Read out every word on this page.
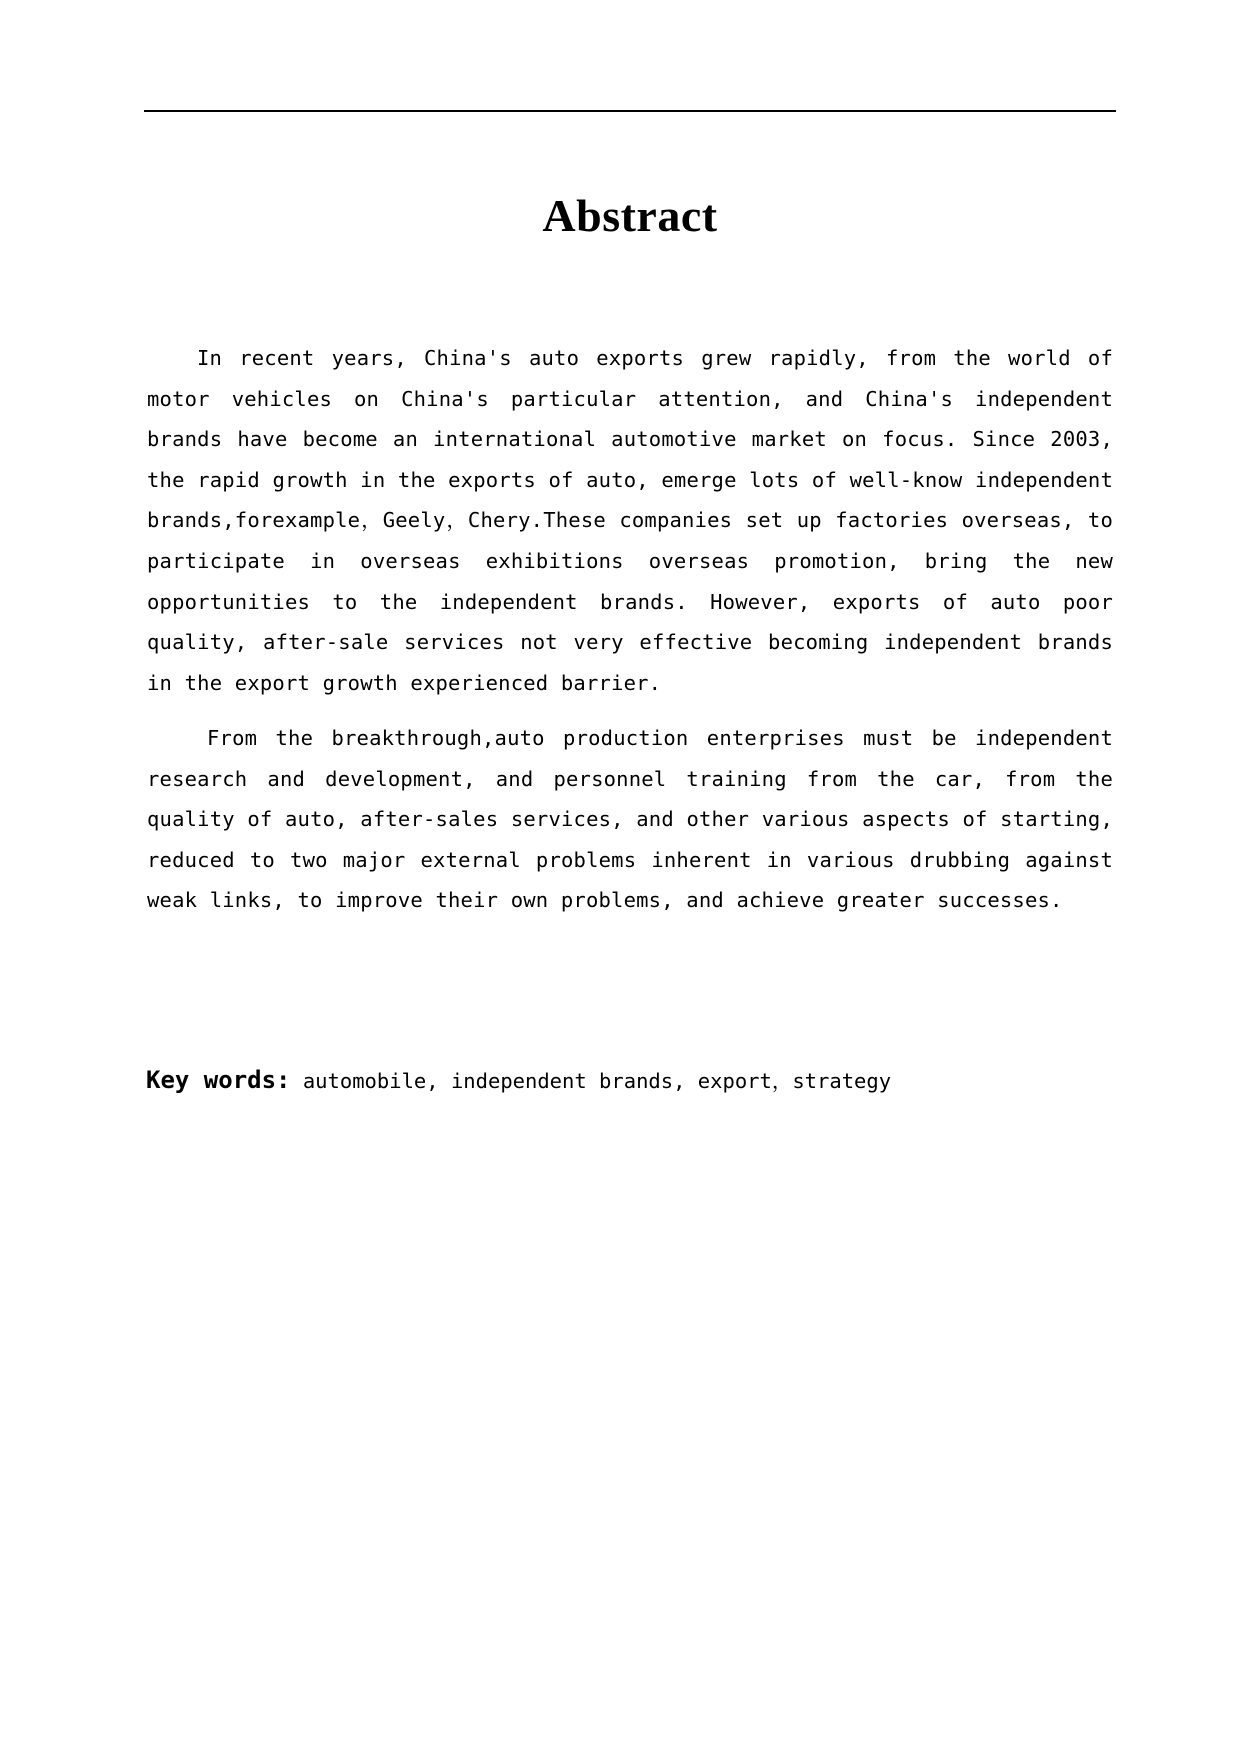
Abstract

In recent years, China's auto exports grew rapidly, from the world of motor vehicles on China's particular attention, and China's independent brands have become an international automotive market on focus. Since 2003, the rapid growth in the exports of auto, emerge lots of well-know independent brands,forexample，Geely，Chery.These companies set up factories overseas, to participate in overseas exhibitions overseas promotion, bring the new opportunities to the independent brands. However, exports of auto poor quality, after-sale services not very effective becoming independent brands in the export growth experienced barrier.

From the breakthrough,auto production enterprises must be independent research and development, and personnel training from the car, from the quality of auto, after-sales services, and other various aspects of starting, reduced to two major external problems inherent in various drubbing against weak links, to improve their own problems, and achieve greater successes.

Key words: automobile, independent brands, export，strategy
